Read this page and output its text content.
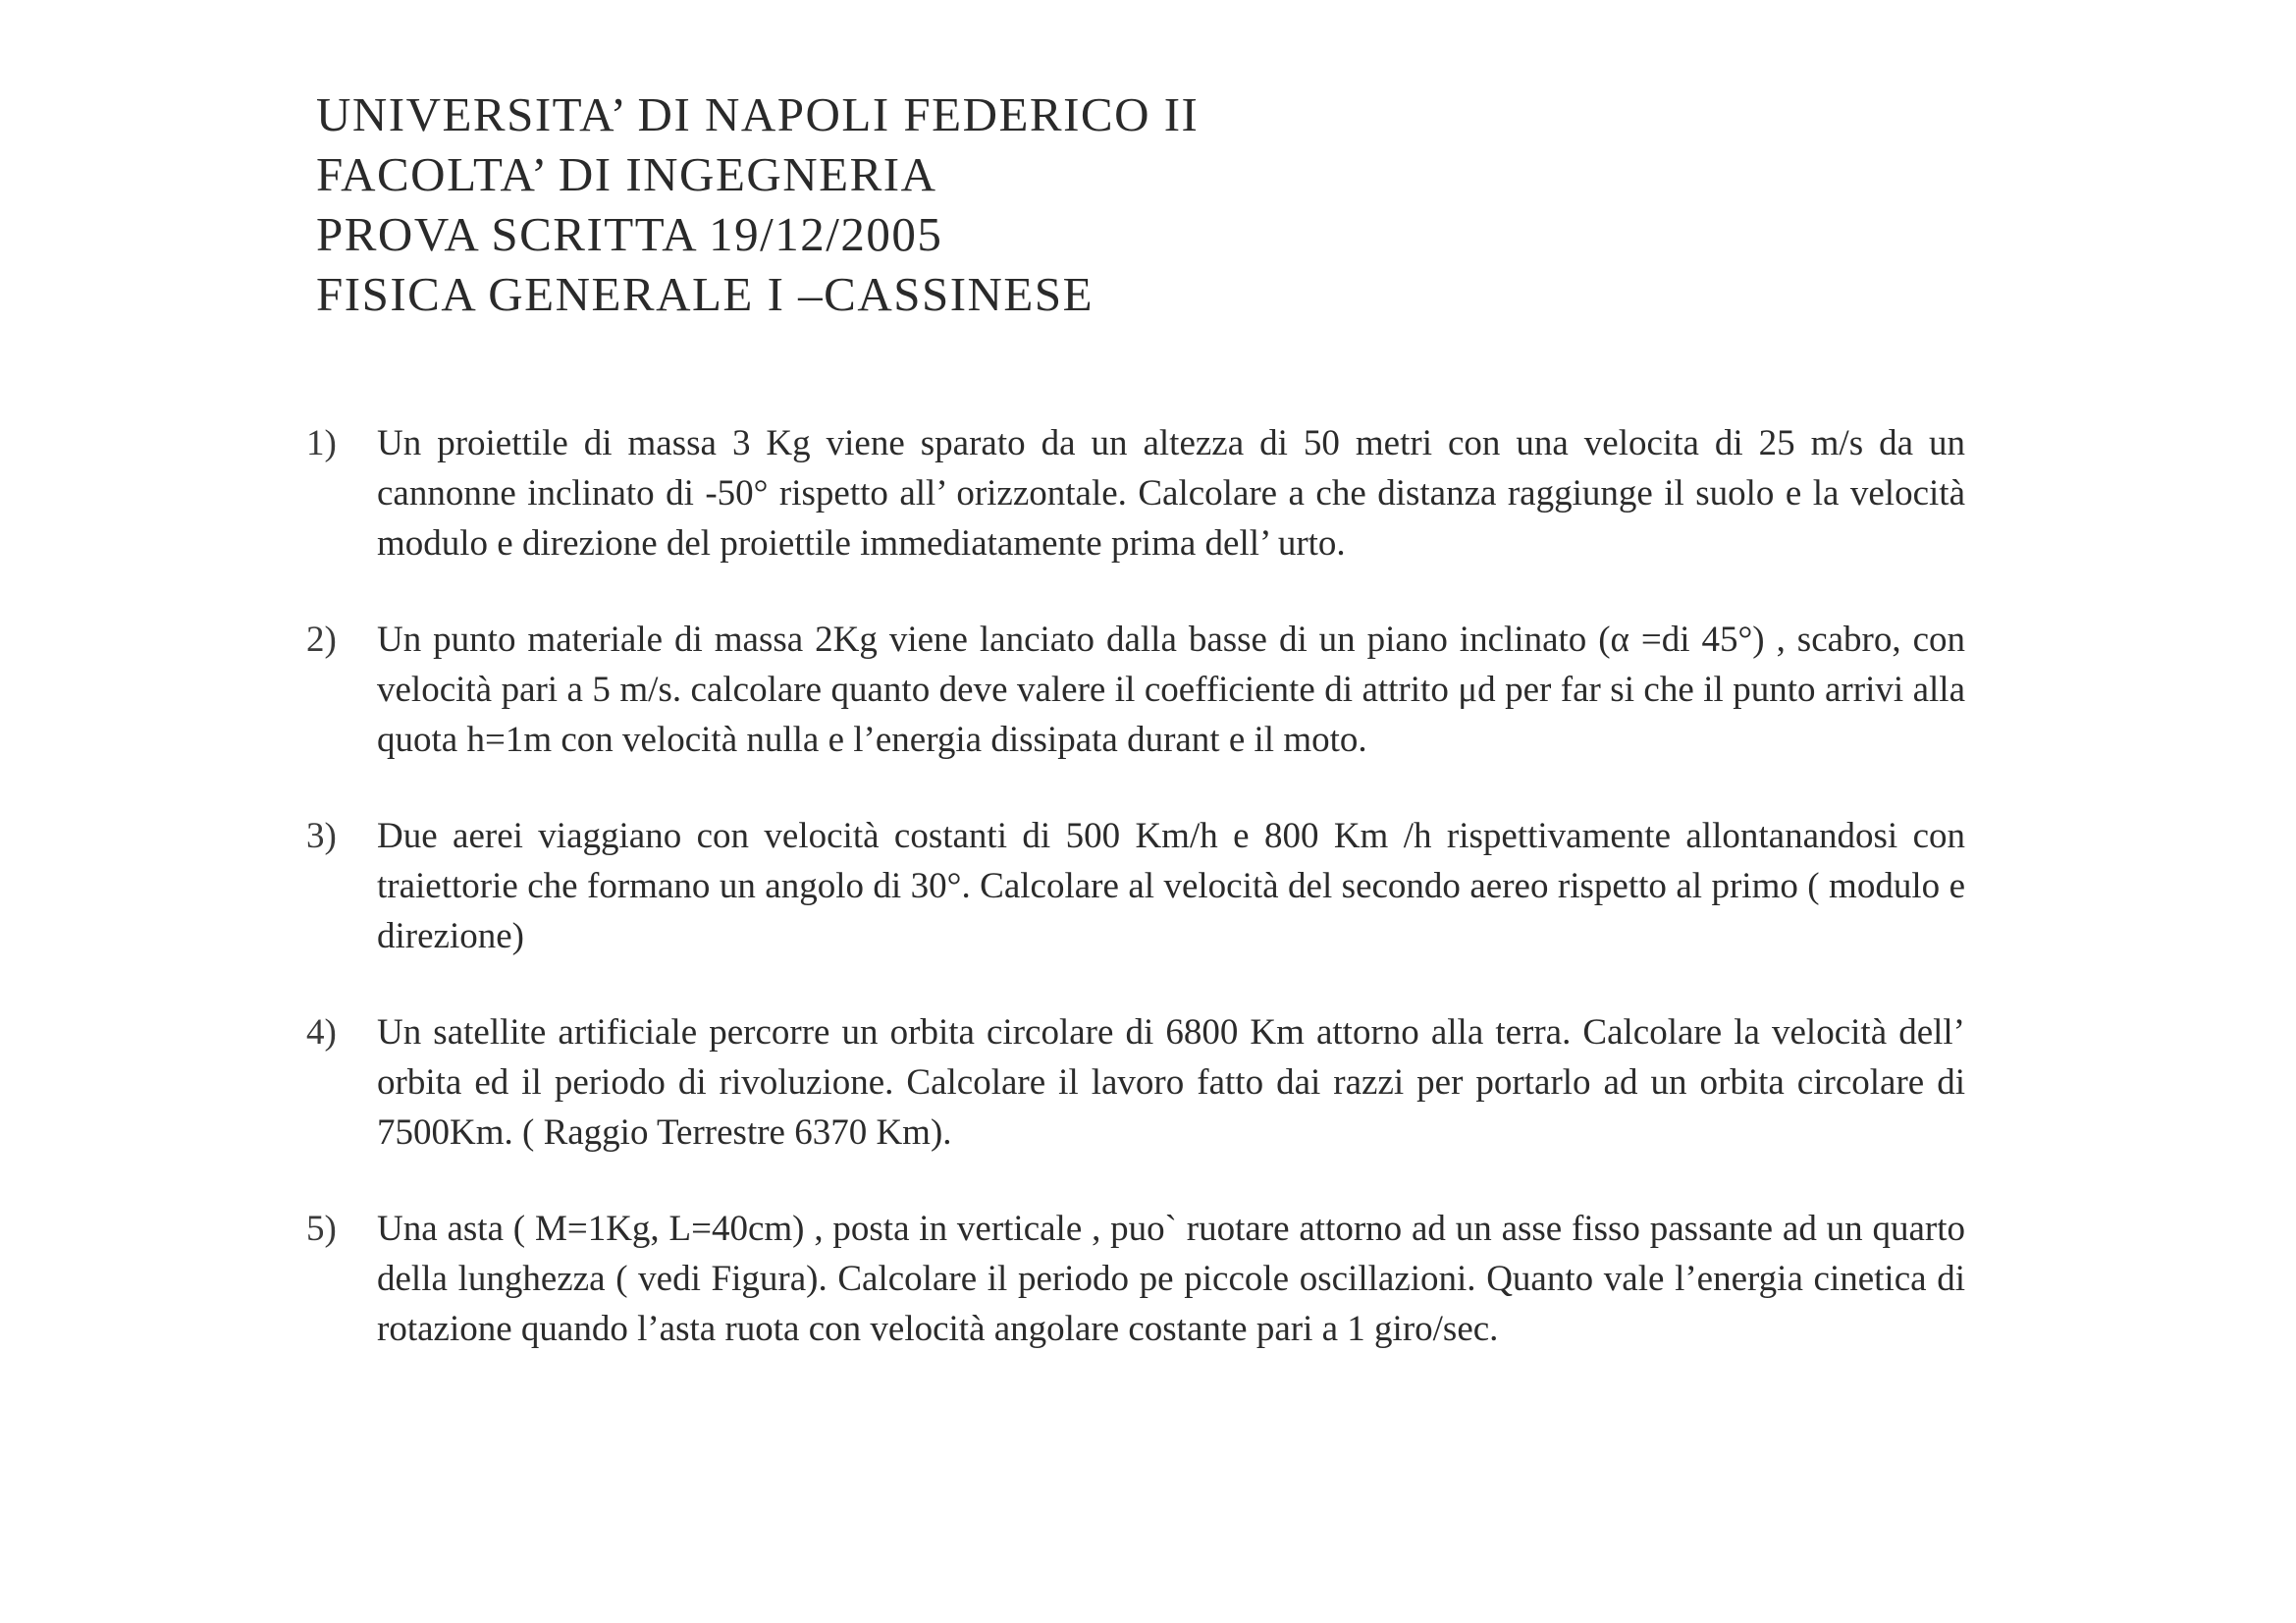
UNIVERSITA’ DI NAPOLI FEDERICO II
FACOLTA’ DI INGEGNERIA
PROVA SCRITTA 19/12/2005
FISICA GENERALE I –CASSINESE
1) Un proiettile di massa 3 Kg viene sparato da un altezza di 50 metri con una velocita di 25 m/s da un cannonne inclinato di -50° rispetto all’ orizzontale. Calcolare a che distanza raggiunge il suolo e la velocità modulo e direzione del proiettile immediatamente prima dell’ urto.
2) Un punto materiale di massa 2Kg viene lanciato dalla basse di un piano inclinato (α =di 45°) , scabro, con velocità pari a 5 m/s. calcolare quanto deve valere il coefficiente di attrito μd per far si che il punto arrivi alla quota h=1m con velocità nulla e l’energia dissipata durant e il moto.
3) Due aerei viaggiano con velocità costanti di 500 Km/h e 800 Km /h rispettivamente allontanandosi con traiettorie che formano un angolo di 30°. Calcolare al velocità del secondo aereo rispetto al primo ( modulo e direzione)
4) Un satellite artificiale percorre un orbita circolare di 6800 Km attorno alla terra. Calcolare la velocità dell’ orbita ed il periodo di rivoluzione. Calcolare il lavoro fatto dai razzi per portarlo ad un orbita circolare di 7500Km. ( Raggio Terrestre 6370 Km).
5) Una asta ( M=1Kg, L=40cm) , posta in verticale , puo` ruotare attorno ad un asse fisso passante ad un quarto della lunghezza ( vedi Figura). Calcolare il periodo pe piccole oscillazioni. Quanto vale l’energia cinetica di rotazione quando l’asta ruota con velocità angolare costante pari a 1 giro/sec.
